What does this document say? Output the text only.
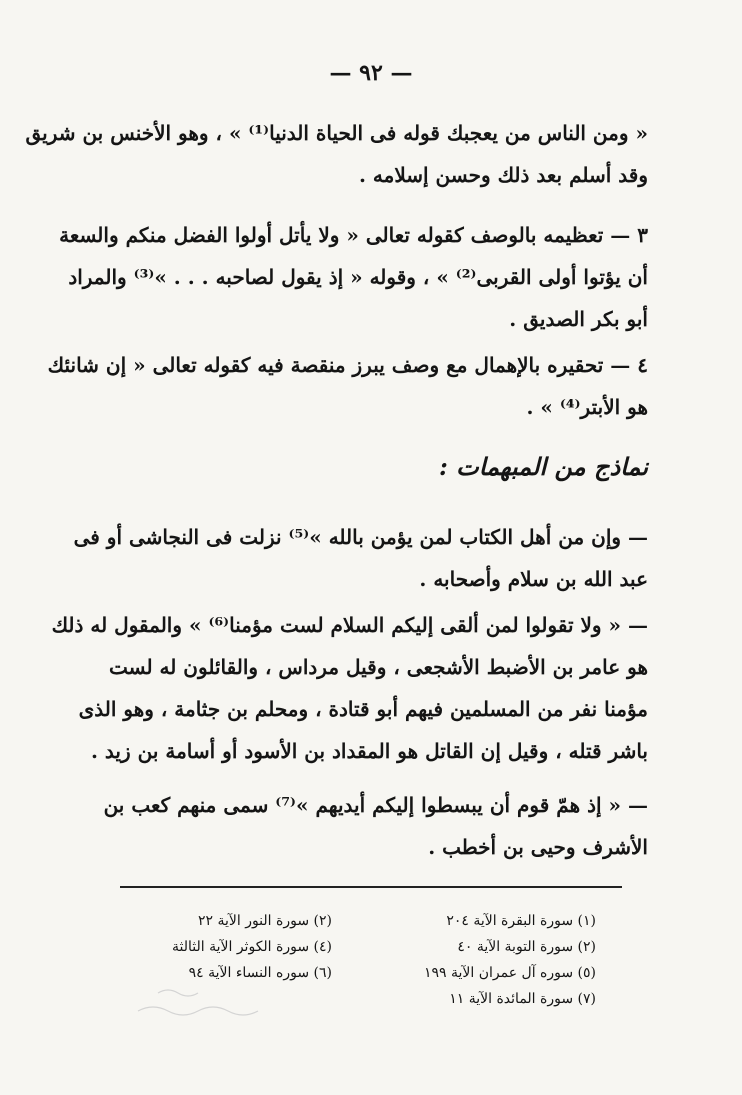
— ٩٢ —
« ومن الناس من يعجبك قوله فى الحياة الدنيا⁽¹⁾ » ، وهو الأخنس بن شريق
وقد أسلم بعد ذلك وحسن إسلامه .
٣ — تعظيمه بالوصف كقوله تعالى « ولا يأتل أولوا الفضل منكم والسعة
أن يؤتوا أولى القربى⁽²⁾ » ، وقوله « إذ يقول لصاحبه . . . »⁽³⁾ والمراد
أبو بكر الصديق .
٤ — تحقيره بالإهمال مع وصف يبرز منقصة فيه كقوله تعالى « إن شانئك
هو الأبتر⁽⁴⁾ » .
نماذج من المبهمات :
— وإن من أهل الكتاب لمن يؤمن بالله »⁽⁵⁾ نزلت فى النجاشى أو فى
عبد الله بن سلام وأصحابه .
— « ولا تقولوا لمن ألقى إليكم السلام لست مؤمنا⁽⁶⁾ » والمقول له ذلك
هو عامر بن الأضبط الأشجعى ، وقيل مرداس ، والقائلون له لست
مؤمنا نفر من المسلمين فيهم أبو قتادة ، ومحلم بن جثامة ، وهو الذى
باشر قتله ، وقيل إن القاتل هو المقداد بن الأسود أو أسامة بن زيد .
— « إذ همّ قوم أن يبسطوا إليكم أيديهم »⁽⁷⁾ سمى منهم كعب بن
الأشرف وحيى بن أخطب .
(١) سورة البقرة الآية ٢٠٤
(٢) سورة التوبة الآية ٤٠
(٥) سوره آل عمران الآية ١٩٩
(٧) سورة المائدة الآية ١١
(٢) سورة النور الآية ٢٢
(٤) سورة الكوثر الآية الثالثة
(٦) سوره النساء الآية ٩٤
